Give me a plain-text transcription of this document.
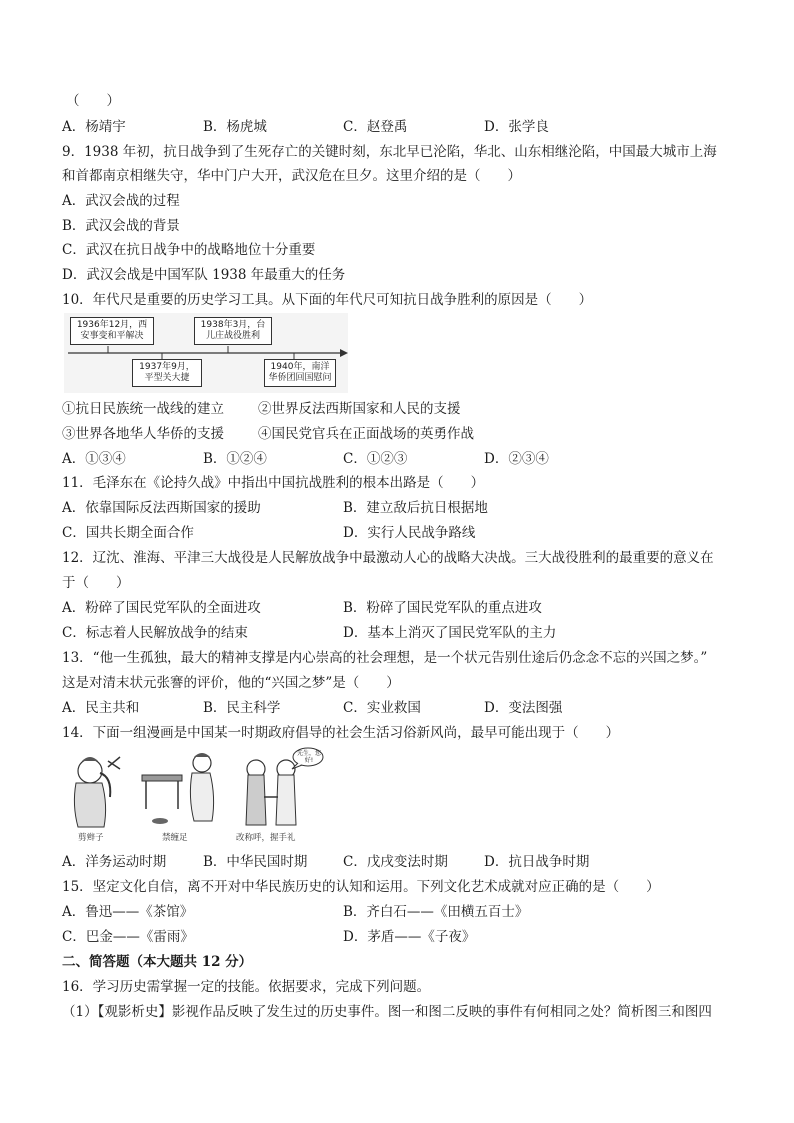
（　　）
A．杨靖宇	B．杨虎城	C．赵登禹	D．张学良
9．1938 年初，抗日战争到了生死存亡的关键时刻，东北早已沦陷，华北、山东相继沦陷，中国最大城市上海
和首都南京相继失守，华中门户大开，武汉危在旦夕。这里介绍的是（　　）
A．武汉会战的过程
B．武汉会战的背景
C．武汉在抗日战争中的战略地位十分重要
D．武汉会战是中国军队 1938 年最重大的任务
10．年代尺是重要的历史学习工具。从下面的年代尺可知抗日战争胜利的原因是（　　）
1936年12月，西安事变和平解决
1937年9月，平型关大捷
1938年3月，台儿庄战役胜利
1940年，南洋华侨团回国慰问
①抗日民族统一战线的建立	②世界反法西斯国家和人民的支援
③世界各地华人华侨的支援	④国民党官兵在正面战场的英勇作战
A．①③④	B．①②④	C．①②③	D．②③④
11．毛泽东在《论持久战》中指出中国抗战胜利的根本出路是（　　）
A．依靠国际反法西斯国家的援助	B．建立敌后抗日根据地
C．国共长期全面合作	D．实行人民战争路线
12．辽沈、淮海、平津三大战役是人民解放战争中最激动人心的战略大决战。三大战役胜利的最重要的意义在
于（　　）
A．粉碎了国民党军队的全面进攻	B．粉碎了国民党军队的重点进攻
C．标志着人民解放战争的结束	D．基本上消灭了国民党军队的主力
13．“他一生孤独，最大的精神支撑是内心崇高的社会理想，是一个状元告别仕途后仍念念不忘的兴国之梦。”
这是对清末状元张謇的评价，他的“兴国之梦”是（　　）
A．民主共和	B．民主科学	C．实业救国	D．变法图强
14．下面一组漫画是中国某一时期政府倡导的社会生活习俗新风尚，最早可能出现于（　　）
先生，您好!
剪辫子	禁缠足	改称呼，握手礼
A．洋务运动时期	B．中华民国时期	C．戊戌变法时期	D．抗日战争时期
15．坚定文化自信，离不开对中华民族历史的认知和运用。下列文化艺术成就对应正确的是（　　）
A．鲁迅——《茶馆》	B．齐白石——《田横五百士》
C．巴金——《雷雨》	D．茅盾——《子夜》
二、简答题（本大题共 12 分）
16．学习历史需掌握一定的技能。依据要求，完成下列问题。
（1）【观影析史】影视作品反映了发生过的历史事件。图一和图二反映的事件有何相同之处？简析图三和图四
